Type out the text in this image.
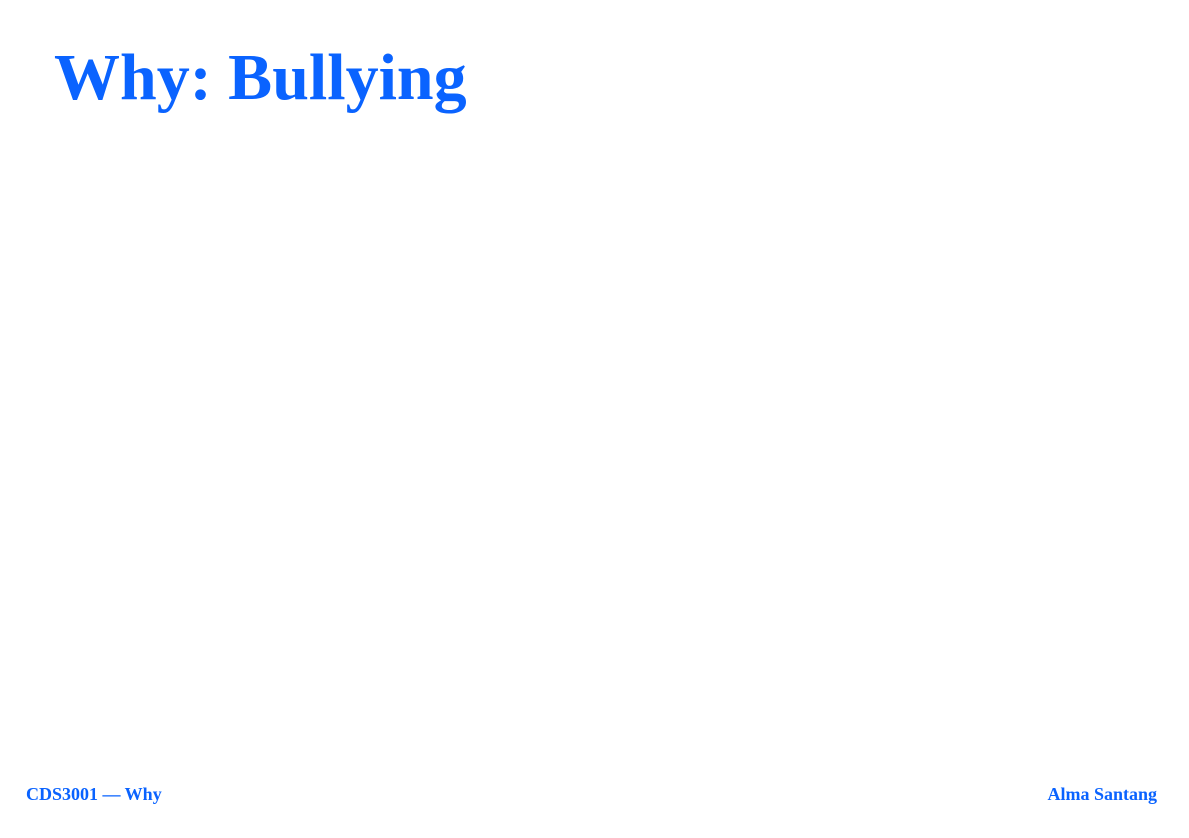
Why: Bullying
CDS3001 — Why	Alma Santang
